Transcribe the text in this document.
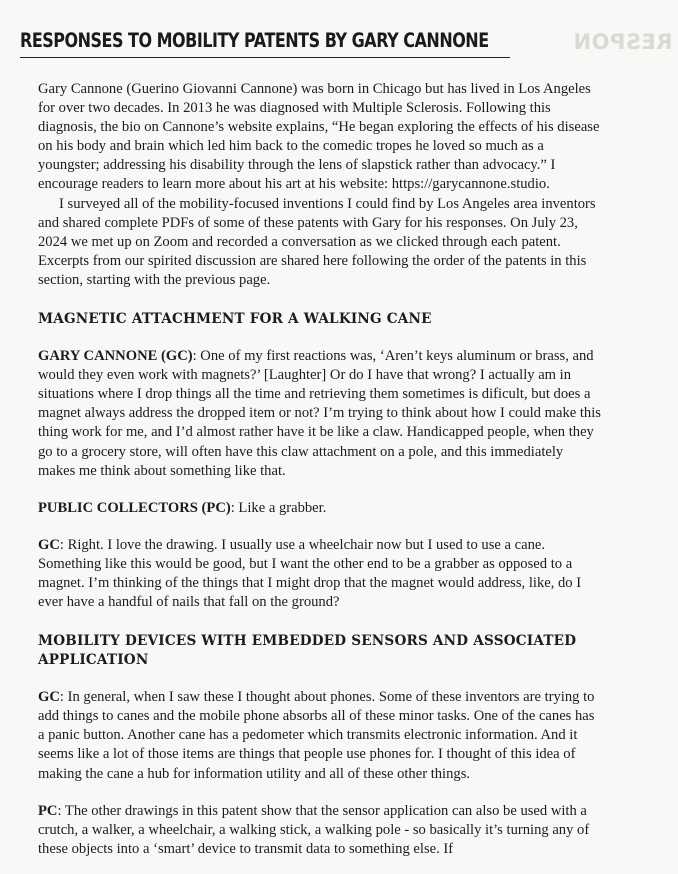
RESPON
RESPONSES TO MOBILITY PATENTS BY GARY CANNONE

Gary Cannone (Guerino Giovanni Cannone) was born in Chicago but has lived in Los Angeles for over two decades. In 2013 he was diagnosed with Multiple Sclerosis. Following this diagnosis, the bio on Cannone’s website explains, “He began exploring the effects of his disease on his body and brain which led him back to the comedic tropes he loved so much as a youngster; addressing his disability through the lens of slapstick rather than advocacy.” I encourage readers to learn more about his art at his website: https://garycannone.studio.

I surveyed all of the mobility-focused inventions I could find by Los Angeles area inventors and shared complete PDFs of some of these patents with Gary for his responses. On July 23, 2024 we met up on Zoom and recorded a conversation as we clicked through each patent. Excerpts from our spirited discussion are shared here following the order of the patents in this section, starting with the previous page.

MAGNETIC ATTACHMENT FOR A WALKING CANE

GARY CANNONE (GC): One of my first reactions was, ‘Aren’t keys aluminum or brass, and would they even work with magnets?’ [Laughter] Or do I have that wrong? I actually am in situations where I drop things all the time and retrieving them sometimes is dificult, but does a magnet always address the dropped item or not? I’m trying to think about how I could make this thing work for me, and I’d almost rather have it be like a claw. Handicapped people, when they go to a grocery store, will often have this claw attachment on a pole, and this immediately makes me think about something like that.

PUBLIC COLLECTORS (PC): Like a grabber.

GC: Right. I love the drawing. I usually use a wheelchair now but I used to use a cane. Something like this would be good, but I want the other end to be a grabber as opposed to a magnet. I’m thinking of the things that I might drop that the magnet would address, like, do I ever have a handful of nails that fall on the ground?

MOBILITY DEVICES WITH EMBEDDED SENSORS AND ASSOCIATED APPLICATION

GC: In general, when I saw these I thought about phones. Some of these inventors are trying to add things to canes and the mobile phone absorbs all of these minor tasks. One of the canes has a panic button. Another cane has a pedometer which transmits electronic information. And it seems like a lot of those items are things that people use phones for. I thought of this idea of making the cane a hub for information utility and all of these other things.

PC: The other drawings in this patent show that the sensor application can also be used with a crutch, a walker, a wheelchair, a walking stick, a walking pole - so basically it’s turning any of these objects into a ‘smart’ device to transmit data to something else. If
